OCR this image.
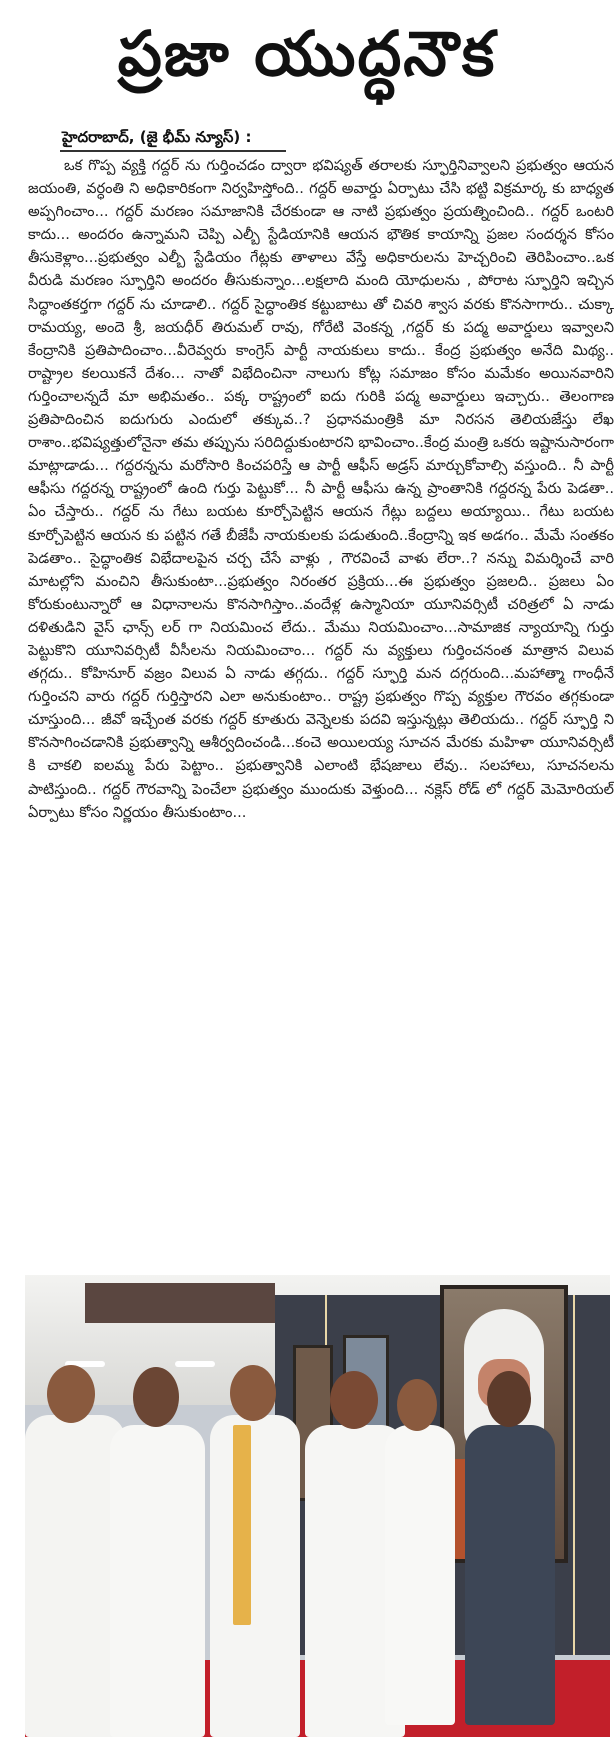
ప్రజా యుద్ధనౌక
హైదరాబాద్, (జై భీమ్ న్యూస్) :

ఒక గొప్ప వ్యక్తి గద్దర్ ను గుర్తించడం ద్వారా భవిష్యత్ తరాలకు స్ఫూర్తినివ్వాలని ప్రభుత్వం ఆయన జయంతి, వర్ధంతి ని అధికారికంగా నిర్వహిస్తోంది.. గద్దర్ అవార్డు ఏర్పాటు చేసి భట్టి విక్రమార్క కు బాధ్యత అప్పగించాం... గద్దర్ మరణం సమాజానికి చేరకుండా ఆ నాటి ప్రభుత్వం ప్రయత్నించింది.. గద్దర్ ఒంటరి కాదు... అందరం ఉన్నామని చెప్పి ఎల్బీ స్టేడియానికి ఆయన భౌతిక కాయాన్ని ప్రజల సందర్శన కోసం తీసుకెళ్లాం...ప్రభుత్వం ఎల్బీ స్టేడియం గేట్లకు తాళాలు వేస్తే అధికారులను హెచ్చరించి తెరిపించాం..ఒక వీరుడి మరణం స్ఫూర్తిని అందరం తీసుకున్నాం...లక్షలాది మంది యోధులను , పోరాట స్ఫూర్తిని ఇచ్చిన సిద్ధాంతకర్తగా గద్దర్ ను చూడాలి.. గద్దర్ సైద్ధాంతిక కట్టుబాటు తో చివరి శ్వాస వరకు కొనసాగారు.. చుక్కా రామయ్య, అందె శ్రీ, జయధీర్ తిరుమల్ రావు, గోరేటి వెంకన్న ,గద్దర్ కు పద్మ అవార్డులు ఇవ్వాలని కేంద్రానికి ప్రతిపాదించాం...వీరెవ్వరు కాంగ్రెస్ పార్టీ నాయకులు కాదు.. కేంద్ర ప్రభుత్వం అనేది మిథ్య.. రాష్ట్రాల కలయికనే దేశం... నాతో విభేదించినా నాలుగు కోట్ల సమాజం కోసం మమేకం అయినవారిని గుర్తించాలన్నదే మా అభిమతం.. పక్క రాష్ట్రంలో ఐదు గురికి పద్మ అవార్డులు ఇచ్చారు.. తెలంగాణ ప్రతిపాదించిన ఐదుగురు ఎందులో తక్కువ..? ప్రధానమంత్రికి మా నిరసన తెలియజేస్తు లేఖ రాశాం..భవిష్యత్తులోనైనా తమ తప్పును సరిదిద్దుకుంటారని భావించాం..కేంద్ర మంత్రి ఒకరు ఇష్టానుసారంగా మాట్లాడాడు... గద్దరన్నను మరోసారి కించపరిస్తే ఆ పార్టీ ఆఫీస్ అడ్రస్ మార్చుకోవాల్సి వస్తుంది.. నీ పార్టీ ఆఫీసు గద్దరన్న రాష్ట్రంలో ఉంది గుర్తు పెట్టుకో... నీ పార్టీ ఆఫీసు ఉన్న ప్రాంతానికి గద్దరన్న పేరు పెడతా.. ఏం చేస్తారు.. గద్దర్ ను గేటు బయట కూర్చోపెట్టిన ఆయన గేట్లు బద్దలు అయ్యాయి.. గేటు బయట కూర్చోపెట్టిన ఆయన కు పట్టిన గతే బీజేపీ నాయకులకు పడుతుంది..కేంద్రాన్ని ఇక అడగం.. మేమే సంతకం పెడతాం.. సైద్ధాంతిక విభేదాలపైన చర్చ చేసే వాళ్లు , గౌరవించే వాళు లేరా..? నన్ను విమర్శించే వారి మాటల్లోని మంచిని తీసుకుంటా...ప్రభుత్వం నిరంతర ప్రక్రియ...ఈ ప్రభుత్వం ప్రజలది.. ప్రజలు ఏం కోరుకుంటున్నారో ఆ విధానాలను కొనసాగిస్తాం..వందేళ్ల ఉస్మానియా యూనివర్సిటీ చరిత్రలో ఏ నాడు దళితుడిని వైస్ ఛాన్స్ లర్ గా నియమించ లేదు.. మేము నియమించాం...సామాజిక న్యాయాన్ని గుర్తు పెట్టుకొని యూనివర్సిటీ వీసీలను నియమించాం... గద్దర్ ను వ్యక్తులు గుర్తించనంత మాత్రాన విలువ తగ్గదు.. కోహినూర్ వజ్రం విలువ ఏ నాడు తగ్గదు.. గద్దర్ స్ఫూర్తి మన దగ్గరుంది...మహాత్మా గాంధీనే గుర్తించని వారు గద్దర్ గుర్తిస్తారని ఎలా అనుకుంటాం.. రాష్ట్ర ప్రభుత్వం గొప్ప వ్యక్తుల గౌరవం తగ్గకుండా చూస్తుంది... జీవో ఇచ్చేంత వరకు గద్దర్ కూతురు వెన్నెలకు పదవి ఇస్తున్నట్లు తెలియదు.. గద్దర్ స్ఫూర్తి ని కొనసాగించడానికి ప్రభుత్వాన్ని ఆశీర్వదించండి...కంచె అయిలయ్య సూచన మేరకు మహిళా యూనివర్సిటీ కి చాకలి ఐలమ్మ పేరు పెట్టాం.. ప్రభుత్వానికి ఎలాంటి భేషజాలు లేవు.. సలహాలు, సూచనలను పాటిస్తుంది.. గద్దర్ గౌరవాన్ని పెంచేలా ప్రభుత్వం ముందుకు వెళ్తుంది... నక్లెస్ రోడ్ లో గద్దర్ మెమోరియల్ ఏర్పాటు కోసం నిర్ణయం తీసుకుంటాం...
